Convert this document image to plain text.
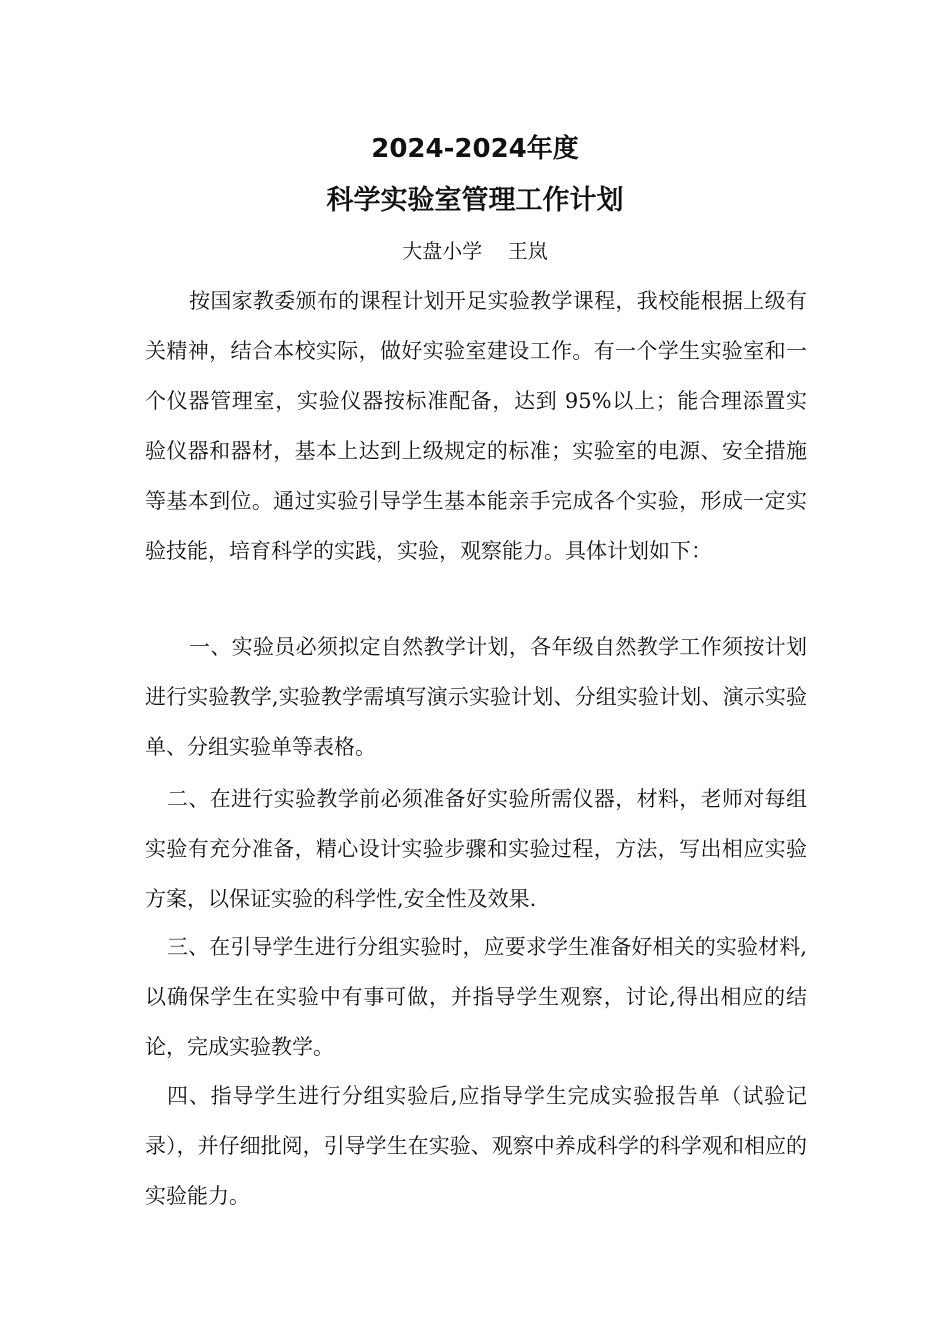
2024-2024年度
科学实验室管理工作计划
大盘小学    王岚

按国家教委颁布的课程计划开足实验教学课程，我校能根据上级有关精神，结合本校实际，做好实验室建设工作。有一个学生实验室和一个仪器管理室，实验仪器按标准配备，达到 95%以上；能合理添置实验仪器和器材，基本上达到上级规定的标准；实验室的电源、安全措施等基本到位。通过实验引导学生基本能亲手完成各个实验，形成一定实验技能，培育科学的实践，实验，观察能力。具体计划如下：

一、实验员必须拟定自然教学计划，各年级自然教学工作须按计划进行实验教学,实验教学需填写演示实验计划、分组实验计划、演示实验单、分组实验单等表格。

二、在进行实验教学前必须准备好实验所需仪器，材料，老师对每组实验有充分准备，精心设计实验步骤和实验过程，方法，写出相应实验方案，以保证实验的科学性,安全性及效果.

三、在引导学生进行分组实验时，应要求学生准备好相关的实验材料,以确保学生在实验中有事可做，并指导学生观察，讨论,得出相应的结论，完成实验教学。

四、指导学生进行分组实验后,应指导学生完成实验报告单（试验记录），并仔细批阅，引导学生在实验、观察中养成科学的科学观和相应的实验能力。
